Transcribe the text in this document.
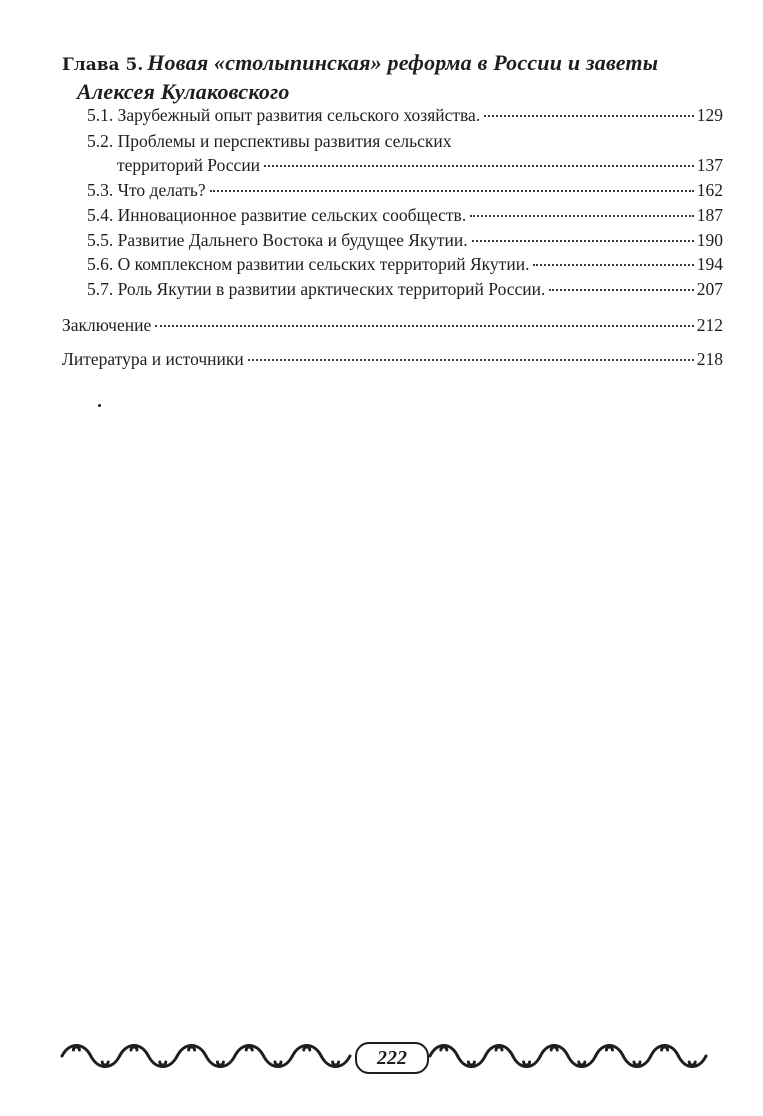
Глава 5. Новая «столыпинская» реформа в России и заветы
Алексея Кулаковского
5.1. Зарубежный опыт развития сельского хозяйства.	129
5.2. Проблемы и перспективы развития сельских
территорий России	137
5.3. Что делать?	162
5.4. Инновационное развитие сельских сообществ.	187
5.5. Развитие Дальнего Востока и будущее Якутии.	190
5.6. О комплексном развитии сельских территорий Якутии.	194
5.7. Роль Якутии в развитии арктических территорий России.	207
Заключение	212
Литература и источники	218
222
